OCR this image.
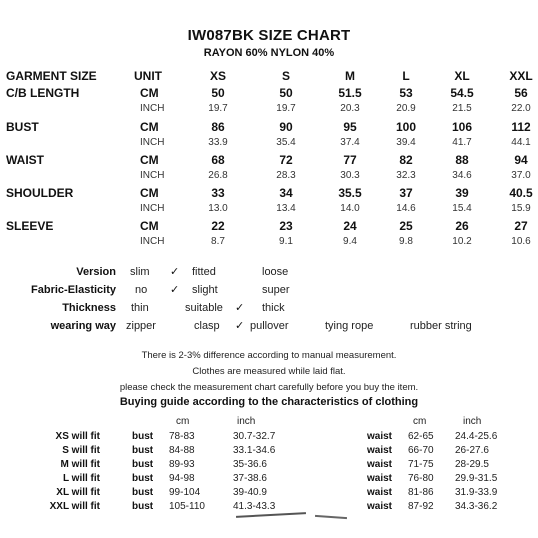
IW087BK SIZE CHART
RAYON 60% NYLON 40%
GARMENT SIZE	UNIT	XS	S	M	L	XL	XXL
C/B LENGTH	CM	50	50	51.5	53	54.5	56
INCH	19.7	19.7	20.3	20.9	21.5	22.0
BUST	CM	86	90	95	100	106	112
INCH	33.9	35.4	37.4	39.4	41.7	44.1
WAIST	CM	68	72	77	82	88	94
INCH	26.8	28.3	30.3	32.3	34.6	37.0
SHOULDER	CM	33	34	35.5	37	39	40.5
INCH	13.0	13.4	14.0	14.6	15.4	15.9
SLEEVE	CM	22	23	24	25	26	27
INCH	8.7	9.1	9.4	9.8	10.2	10.6
Version slim ✓ fitted	loose
Fabric-Elasticity no ✓ slight	super
Thickness thin	suitable ✓ thick
wearing way zipper	clasp ✓ pullover	tying rope	rubber string
There is 2-3% difference according to manual measurement.
Clothes are measured while laid flat.
please check the measurement chart carefully before you buy the item.
Buying guide according to the characteristics of clothing
cm	inch	cm	inch
XS will fit	bust 78-83	30.7-32.7	waist 62-65 24.4-25.6
S will fit	bust 84-88	33.1-34.6	waist 66-70 26-27.6
M will fit	bust 89-93	35-36.6	waist 71-75 28-29.5
L will fit	bust 94-98	37-38.6	waist 76-80 29.9-31.5
XL will fit	bust 99-104	39-40.9	waist 81-86 31.9-33.9
XXL will fit	bust 105-110	41.3-43.3	waist 87-92 34.3-36.2
